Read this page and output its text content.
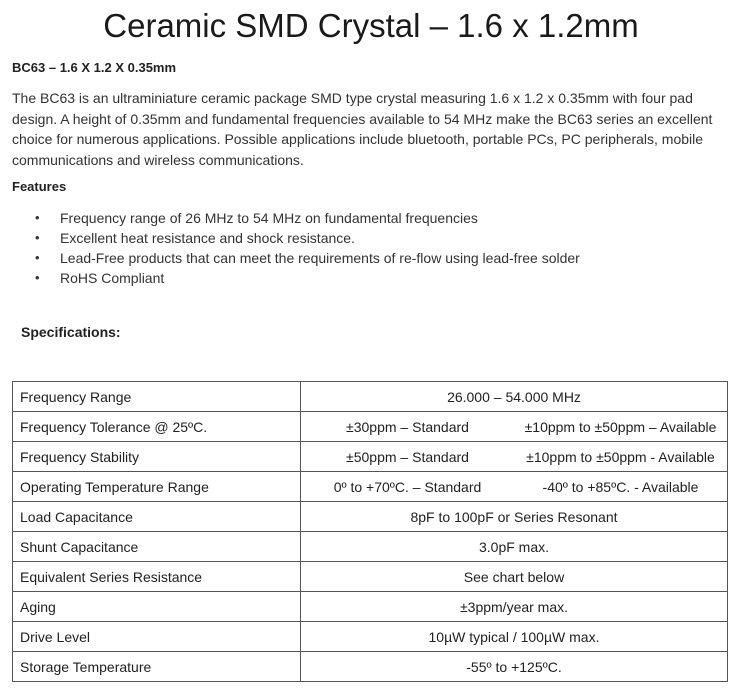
Ceramic SMD Crystal – 1.6 x 1.2mm

BC63 – 1.6 X 1.2 X 0.35mm

The BC63 is an ultraminiature ceramic package SMD type crystal measuring 1.6 x 1.2 x 0.35mm with four pad design. A height of 0.35mm and fundamental frequencies available to 54 MHz make the BC63 series an excellent choice for numerous applications. Possible applications include bluetooth, portable PCs, PC peripherals, mobile communications and wireless communications.

Features

• Frequency range of 26 MHz to 54 MHz on fundamental frequencies
• Excellent heat resistance and shock resistance.
• Lead-Free products that can meet the requirements of re-flow using lead-free solder
• RoHS Compliant

Specifications:

Frequency Range	26.000 – 54.000 MHz
Frequency Tolerance @ 25ºC.	±30ppm – Standard ±10ppm to ±50ppm – Available

Frequency Stability	±50ppm – Standard ±10ppm to ±50ppm - Available

Operating Temperature Range	0º to +70ºC. – Standard -40º to +85ºC. - Available

Load Capacitance	8pF to 100pF or Series Resonant
Shunt Capacitance	3.0pF max.
Equivalent Series Resistance	See chart below
Aging	±3ppm/year max.
Drive Level	10µW typical / 100µW max.
Storage Temperature	-55º to +125ºC.
